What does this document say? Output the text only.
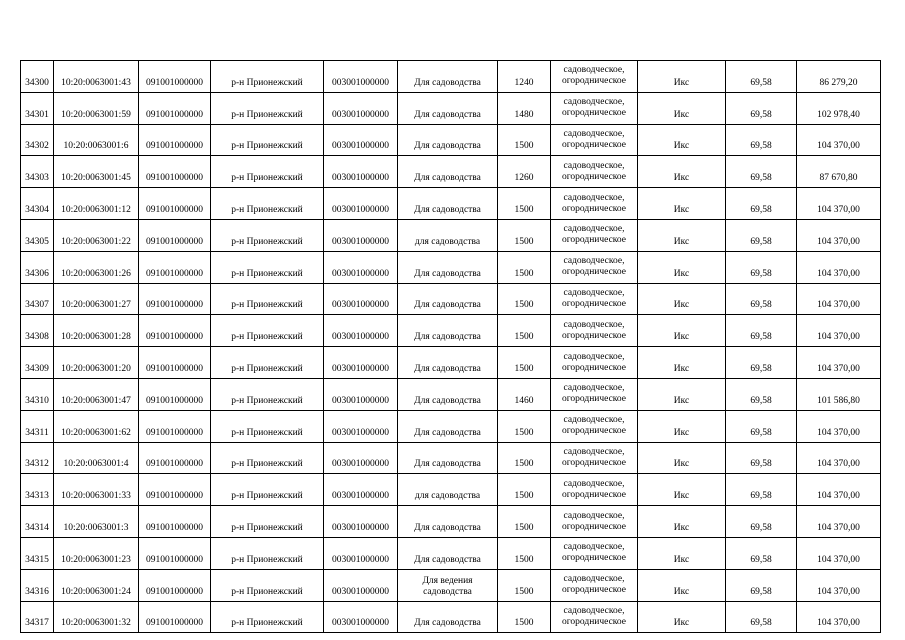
34300	10:20:0063001:43	091001000000	р-н Прионежский	003001000000	Для садоводства	1240	садоводческое,
огородническое	Икс	69,58	86 279,20
34301	10:20:0063001:59	091001000000	р-н Прионежский	003001000000	Для садоводства	1480	садоводческое,
огородническое	Икс	69,58	102 978,40
34302	10:20:0063001:6	091001000000	р-н Прионежский	003001000000	Для садоводства	1500	садоводческое,
огородническое	Икс	69,58	104 370,00
34303	10:20:0063001:45	091001000000	р-н Прионежский	003001000000	Для садоводства	1260	садоводческое,
огородническое	Икс	69,58	87 670,80
34304	10:20:0063001:12	091001000000	р-н Прионежский	003001000000	Для садоводства	1500	садоводческое,
огородническое	Икс	69,58	104 370,00
34305	10:20:0063001:22	091001000000	р-н Прионежский	003001000000	для садоводства	1500	садоводческое,
огородническое	Икс	69,58	104 370,00
34306	10:20:0063001:26	091001000000	р-н Прионежский	003001000000	Для садоводства	1500	садоводческое,
огородническое	Икс	69,58	104 370,00
34307	10:20:0063001:27	091001000000	р-н Прионежский	003001000000	Для садоводства	1500	садоводческое,
огородническое	Икс	69,58	104 370,00
34308	10:20:0063001:28	091001000000	р-н Прионежский	003001000000	Для садоводства	1500	садоводческое,
огородническое	Икс	69,58	104 370,00
34309	10:20:0063001:20	091001000000	р-н Прионежский	003001000000	Для садоводства	1500	садоводческое,
огородническое	Икс	69,58	104 370,00
34310	10:20:0063001:47	091001000000	р-н Прионежский	003001000000	Для садоводства	1460	садоводческое,
огородническое	Икс	69,58	101 586,80
34311	10:20:0063001:62	091001000000	р-н Прионежский	003001000000	Для садоводства	1500	садоводческое,
огородническое	Икс	69,58	104 370,00
34312	10:20:0063001:4	091001000000	р-н Прионежский	003001000000	Для садоводства	1500	садоводческое,
огородническое	Икс	69,58	104 370,00
34313	10:20:0063001:33	091001000000	р-н Прионежский	003001000000	для садоводства	1500	садоводческое,
огородническое	Икс	69,58	104 370,00
34314	10:20:0063001:3	091001000000	р-н Прионежский	003001000000	Для садоводства	1500	садоводческое,
огородническое	Икс	69,58	104 370,00
34315	10:20:0063001:23	091001000000	р-н Прионежский	003001000000	Для садоводства	1500	садоводческое,
огородническое	Икс	69,58	104 370,00
34316	10:20:0063001:24	091001000000	р-н Прионежский	003001000000	Для ведения
садоводства	1500	садоводческое,
огородническое	Икс	69,58	104 370,00
34317	10:20:0063001:32	091001000000	р-н Прионежский	003001000000	Для садоводства	1500	садоводческое,
огородническое	Икс	69,58	104 370,00
